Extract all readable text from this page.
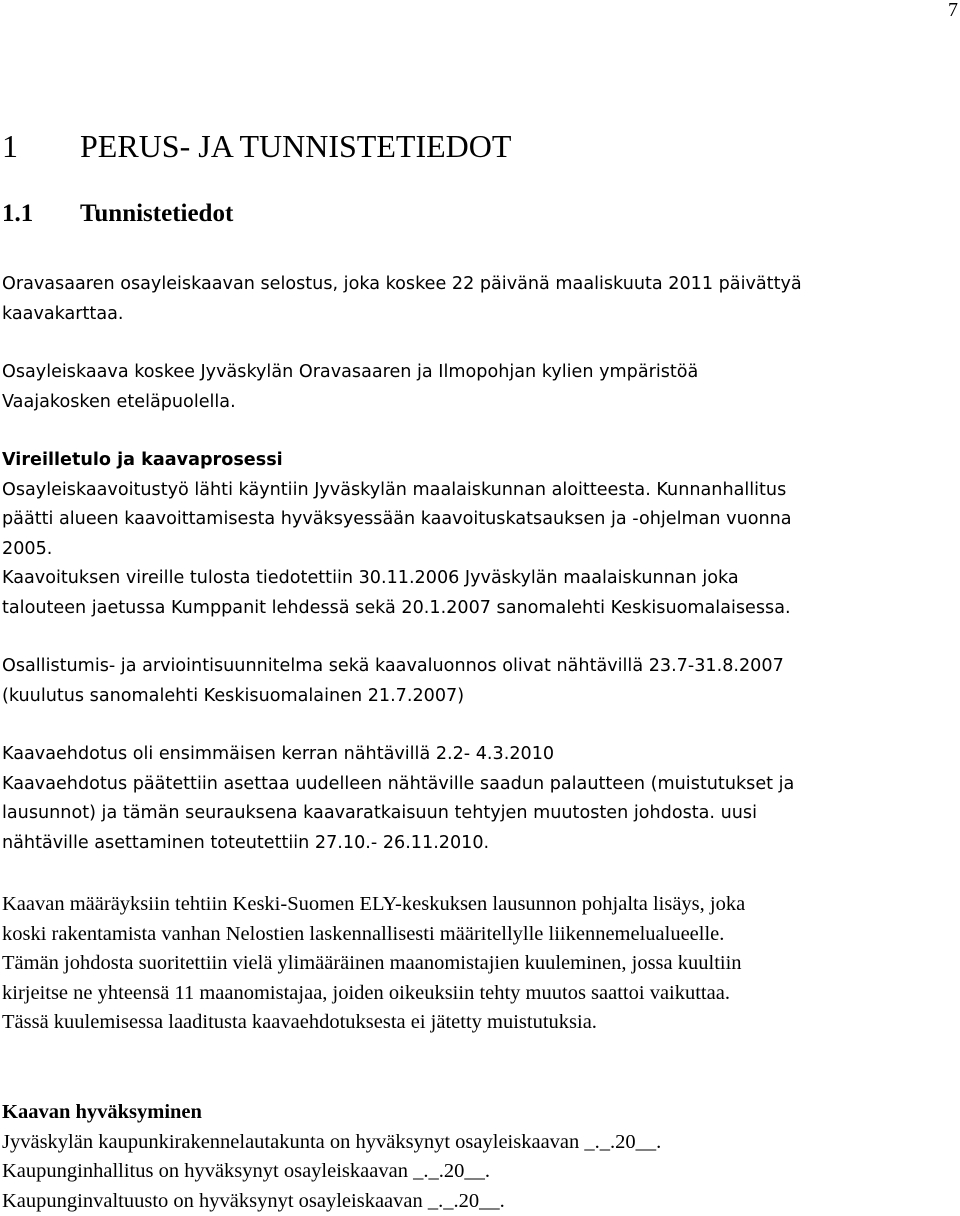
7
1 PERUS- JA TUNNISTETIEDOT
1.1 Tunnistetiedot
Oravasaaren osayleiskaavan selostus, joka koskee 22 päivänä maaliskuuta 2011 päivättyä
kaavakarttaa.
Osayleiskaava koskee Jyväskylän Oravasaaren ja Ilmopohjan kylien ympäristöä
Vaajakosken eteläpuolella.
Vireilletulo ja kaavaprosessi
Osayleiskaavoitustyö lähti käyntiin Jyväskylän maalaiskunnan aloitteesta. Kunnanhallitus
päätti alueen kaavoittamisesta hyväksyessään kaavoituskatsauksen ja -ohjelman vuonna
2005.
Kaavoituksen vireille tulosta tiedotettiin 30.11.2006 Jyväskylän maalaiskunnan joka
talouteen jaetussa Kumppanit lehdessä sekä 20.1.2007 sanomalehti Keskisuomalaisessa.
Osallistumis- ja arviointisuunnitelma sekä kaavaluonnos olivat nähtävillä 23.7-31.8.2007
(kuulutus sanomalehti Keskisuomalainen 21.7.2007)
Kaavaehdotus oli ensimmäisen kerran nähtävillä 2.2- 4.3.2010
Kaavaehdotus päätettiin asettaa uudelleen nähtäville saadun palautteen (muistutukset ja
lausunnot) ja tämän seurauksena kaavaratkaisuun tehtyjen muutosten johdosta. uusi
nähtäville asettaminen toteutettiin 27.10.- 26.11.2010.
Kaavan määräyksiin tehtiin Keski-Suomen ELY-keskuksen lausunnon pohjalta lisäys, joka
koski rakentamista vanhan Nelostien laskennallisesti määritellylle liikennemelualueelle.
Tämän johdosta suoritettiin vielä ylimääräinen maanomistajien kuuleminen, jossa kuultiin
kirjeitse ne yhteensä 11 maanomistajaa, joiden oikeuksiin tehty muutos saattoi vaikuttaa.
Tässä kuulemisessa laaditusta kaavaehdotuksesta ei jätetty muistutuksia.
Kaavan hyväksyminen
Jyväskylän kaupunkirakennelautakunta on hyväksynyt osayleiskaavan _._.20__.
Kaupunginhallitus on hyväksynyt osayleiskaavan _._.20__.
Kaupunginvaltuusto on hyväksynyt osayleiskaavan _._.20__.
